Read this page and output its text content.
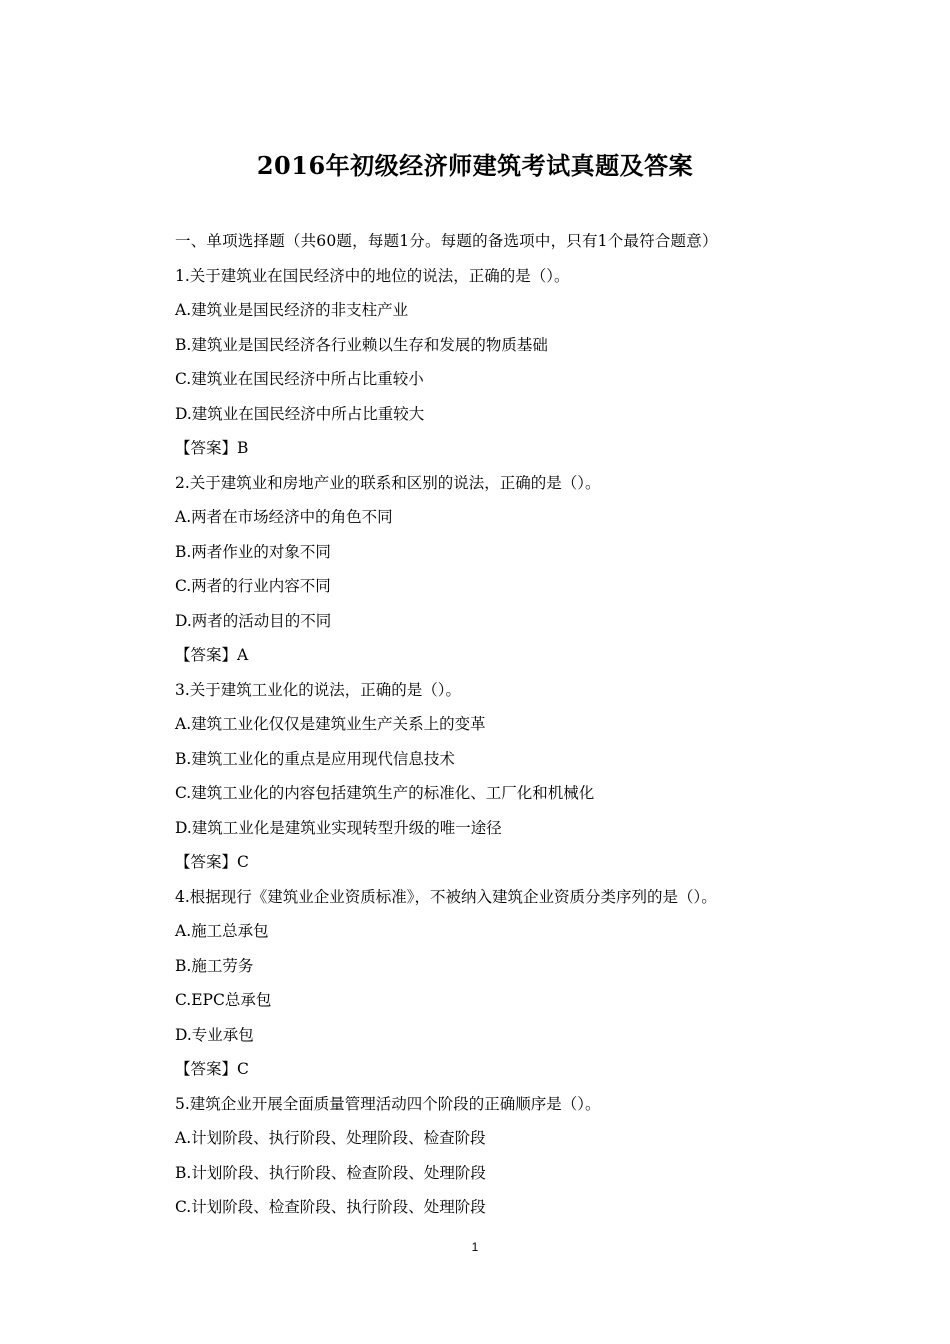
2016年初级经济师建筑考试真题及答案
一、单项选择题（共60题，每题1分。每题的备选项中，只有1个最符合题意）
1.关于建筑业在国民经济中的地位的说法，正确的是（）。
A.建筑业是国民经济的非支柱产业
B.建筑业是国民经济各行业赖以生存和发展的物质基础
C.建筑业在国民经济中所占比重较小
D.建筑业在国民经济中所占比重较大
【答案】B
2.关于建筑业和房地产业的联系和区别的说法，正确的是（）。
A.两者在市场经济中的角色不同
B.两者作业的对象不同
C.两者的行业内容不同
D.两者的活动目的不同
【答案】A
3.关于建筑工业化的说法，正确的是（）。
A.建筑工业化仅仅是建筑业生产关系上的变革
B.建筑工业化的重点是应用现代信息技术
C.建筑工业化的内容包括建筑生产的标准化、工厂化和机械化
D.建筑工业化是建筑业实现转型升级的唯一途径
【答案】C
4.根据现行《建筑业企业资质标准》，不被纳入建筑企业资质分类序列的是（）。
A.施工总承包
B.施工劳务
C.EPC总承包
D.专业承包
【答案】C
5.建筑企业开展全面质量管理活动四个阶段的正确顺序是（）。
A.计划阶段、执行阶段、处理阶段、检查阶段
B.计划阶段、执行阶段、检查阶段、处理阶段
C.计划阶段、检查阶段、执行阶段、处理阶段
1
